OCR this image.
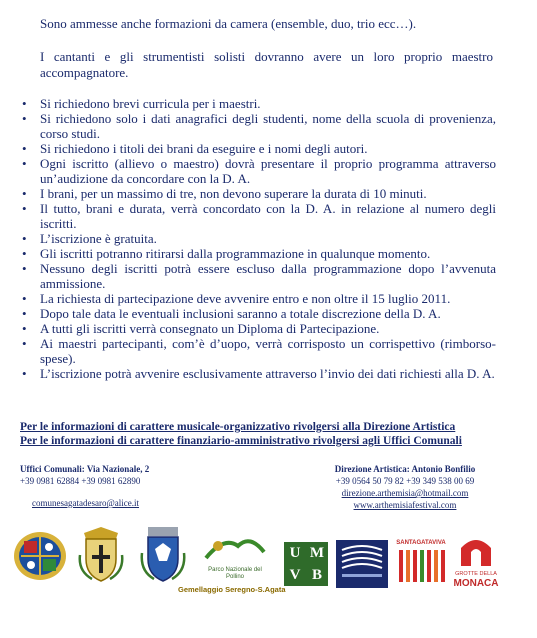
Sono ammesse anche formazioni da camera (ensemble, duo, trio ecc…).
I cantanti e gli strumentisti solisti dovranno avere un loro proprio maestro accompagnatore.
• Si richiedono brevi curricula per i maestri.
• Si richiedono solo i dati anagrafici degli studenti, nome della scuola di provenienza, corso studi.
• Si richiedono i titoli dei brani da eseguire e i nomi degli autori.
• Ogni iscritto (allievo o maestro) dovrà presentare il proprio programma attraverso un’audizione da concordare con la D. A.
• I brani, per un massimo di tre, non devono superare la durata di 10 minuti.
• Il tutto, brani e durata, verrà concordato con la D. A. in relazione al numero degli iscritti.
• L’iscrizione è gratuita.
• Gli iscritti potranno ritirarsi dalla programmazione in qualunque momento.
• Nessuno degli iscritti potrà essere escluso dalla programmazione dopo l’avvenuta ammissione.
• La richiesta di partecipazione deve avvenire entro e non oltre il 15 luglio 2011.
• Dopo tale data le eventuali inclusioni saranno a totale discrezione della D. A.
• A tutti gli iscritti verrà consegnato un Diploma di Partecipazione.
• Ai maestri partecipanti, com’è d’uopo, verrà corrisposto un corrispettivo (rimborso-spese).
• L’iscrizione potrà avvenire esclusivamente attraverso l’invio dei dati richiesti alla D. A.
Per le informazioni di carattere musicale-organizzativo rivolgersi alla Direzione Artistica
Per le informazioni di carattere finanziario-amministrativo rivolgersi agli Uffici Comunali
Uffici Comunali: Via Nazionale, 2
+39 0981 62884 +39 0981 62890
comunesagatadesaro@alice.it
Direzione Artistica: Antonio Bonfilio
+39 0564 50 79 82 +39 349 538 00 69
direzione.arthemisia@hotmail.com
www.arthemisiafestival.com
Parco Nazionale del Pollino
U M
V B
SANTAGATAVIVA
GROTTE DELLA
MONACA
Gemellaggio Seregno-S.Agata
